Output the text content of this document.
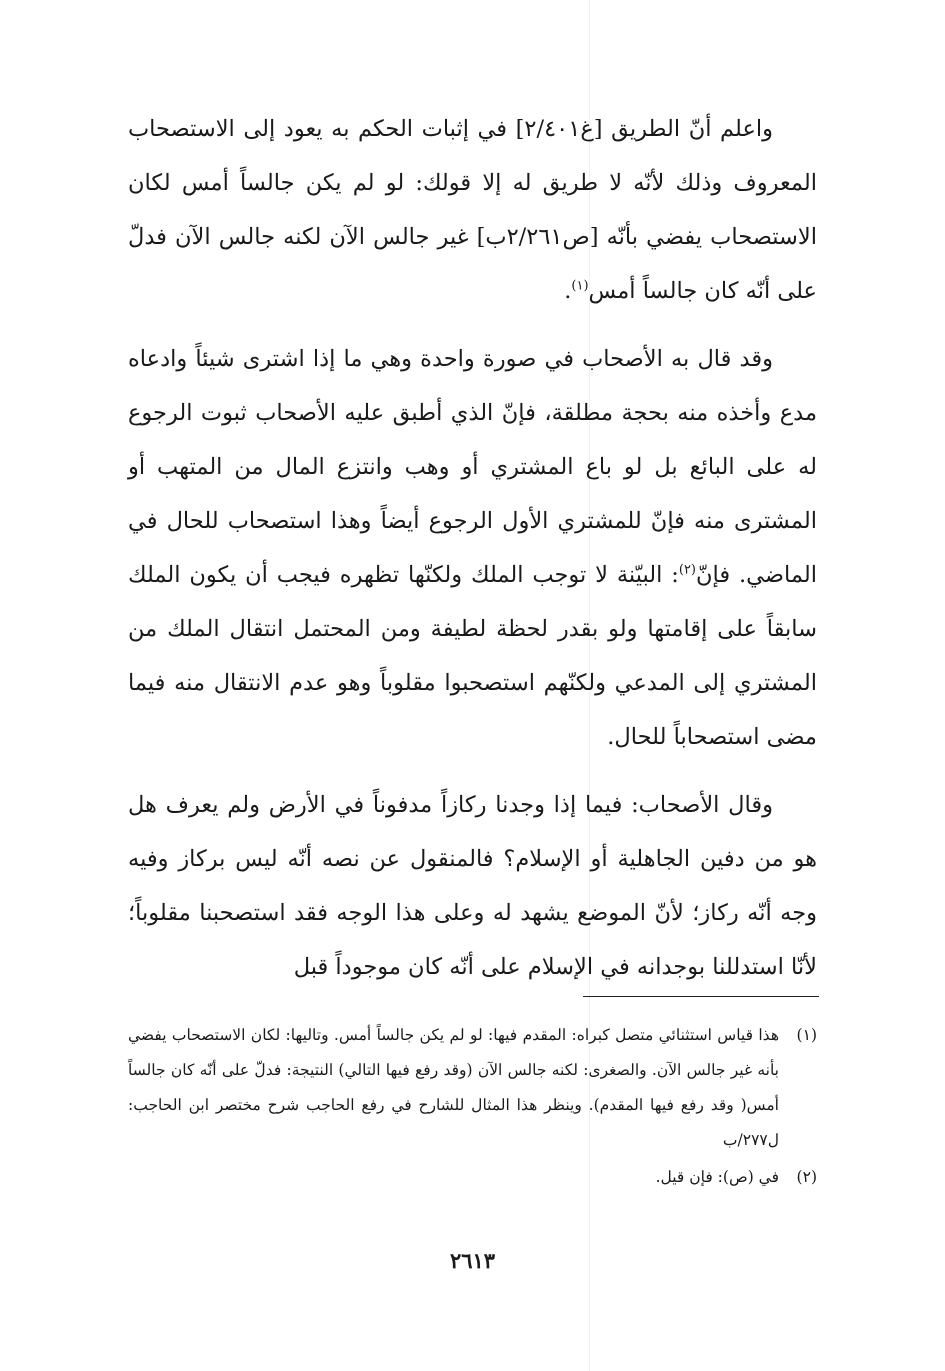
واعلم أنّ الطريق [غ٢/٤٠١] في إثبات الحكم به يعود إلى الاستصحاب المعروف وذلك لأنّه لا طريق له إلا قولك: لو لم يكن جالساً أمس لكان الاستصحاب يفضي بأنّه [ص٢/٢٦١ب] غير جالس الآن لكنه جالس الآن فدلّ على أنّه كان جالساً أمس$^{(١)}$.

وقد قال به الأصحاب في صورة واحدة وهي ما إذا اشترى شيئاً وادعاه مدع وأخذه منه بحجة مطلقة، فإنّ الذي أطبق عليه الأصحاب ثبوت الرجوع له على البائع بل لو باع المشتري أو وهب وانتزع المال من المتهب أو المشترى منه فإنّ للمشتري الأول الرجوع أيضاً وهذا استصحاب للحال في الماضي. فإنّ$^{(٢)}$: البيّنة لا توجب الملك ولكنّها تظهره فيجب أن يكون الملك سابقاً على إقامتها ولو بقدر لحظة لطيفة ومن المحتمل انتقال الملك من المشتري إلى المدعي ولكنّهم استصحبوا مقلوباً وهو عدم الانتقال منه فيما مضى استصحاباً للحال.

وقال الأصحاب: فيما إذا وجدنا ركازاً مدفوناً في الأرض ولم يعرف هل هو من دفين الجاهلية أو الإسلام؟ فالمنقول عن نصه أنّه ليس بركاز وفيه وجه أنّه ركاز؛ لأنّ الموضع يشهد له وعلى هذا الوجه فقد استصحبنا مقلوباً؛ لأنّا استدللنا بوجدانه في الإسلام على أنّه كان موجوداً قبل

(١)
هذا قياس استثنائي متصل كبراه: المقدم فيها: لو لم يكن جالساً أمس. وتاليها: لكان الاستصحاب يفضي بأنه غير جالس الآن. والصغرى: لكنه جالس الآن (وقد رفع فيها التالي) النتيجة: فدلّ على أنّه كان جالساً أمس( وقد رفع فيها المقدم). وينظر هذا المثال للشارح في رفع الحاجب شرح مختصر ابن الحاجب: ل٢٧٧/ب
(٢)
في (ص): فإن قيل.
٢٦١٣
